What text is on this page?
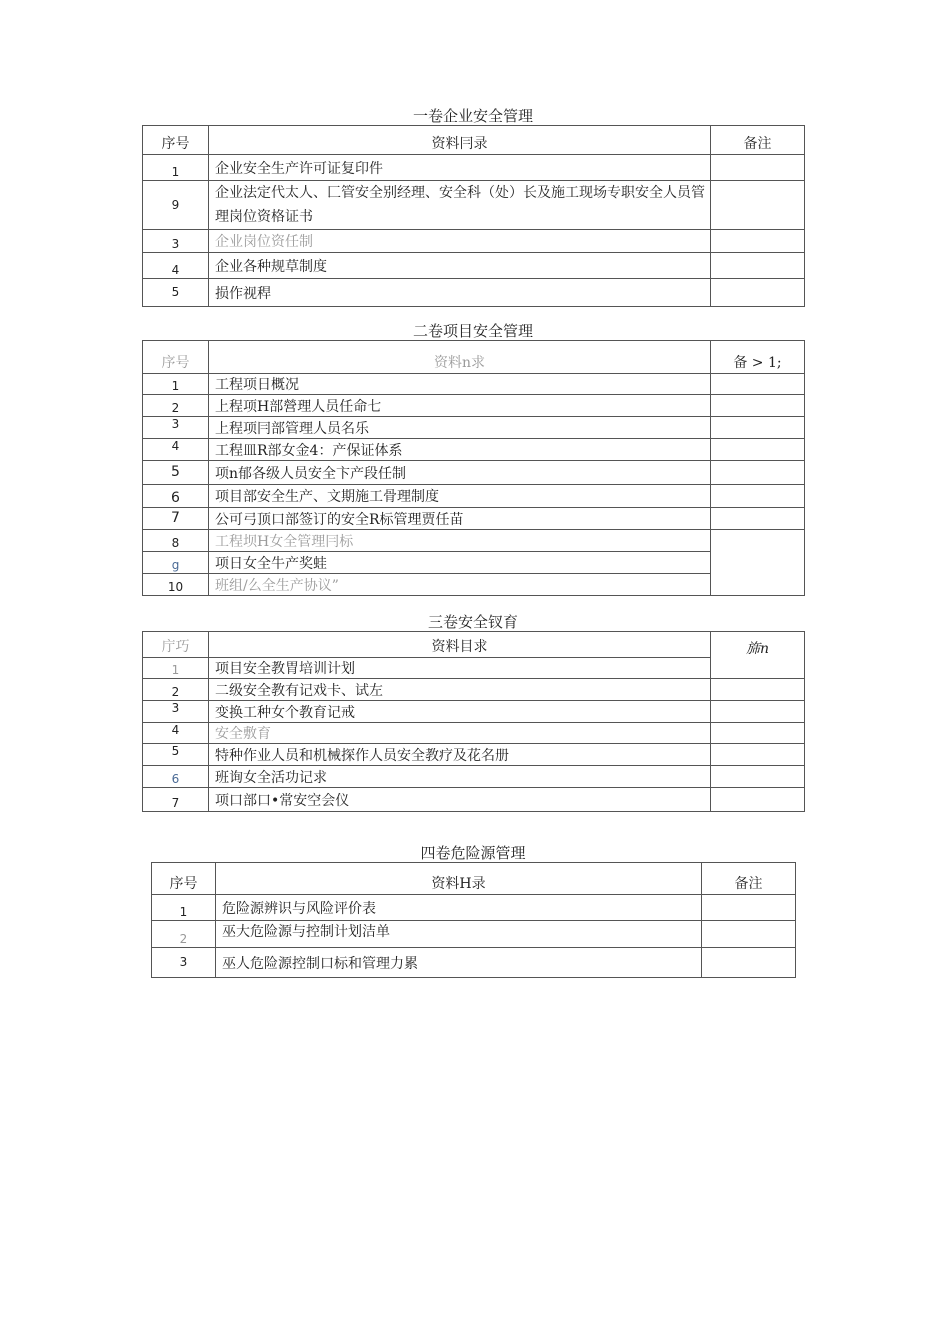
一卷企业安全管理
序号	资料冃录	备注
1	企业安全生产许可证复印件	
9	企业法定代太人、匚管安全别经理、安全科（处）长及施工现场专职安全人员管理岗位资格证书	
3	企业岗位资任制	
4	企业各种规草制度	
5	损作视稈	
二卷项目安全管理
序号	资料n求	备 > 1;
1	工程项日概况	
2	上程项H部營理人员任命七	
3	上程项冃部管理人员名乐	
4	工程皿R部女金4：产保证体系	
5	项n郁各级人员安全卞产段任制	
6	项目部安全生产、文期施工骨理制度	
7	公可弓顶口部签订的安全R标管理贾任苗	
8	工程坝H女全管理冃标	
g	项日女全牛产奖蛙	
10	班组/么全生产协议”	
三卷安全钗育
庁巧	资料目求	旆n
1	项目安全教胃培训计划	
2	二级安全教有记戏卡、试左	
3	变换工种女个教育记戒	
4	安全敷育	
5	特种作业人员和机械探作人员安全教疗及花名册	
6	班询女全活功记求	
7	项口部口•常安空会仪	
四卷危险源管理
序号	资料H录	备注
1	危险源辨识与风险评价表	
2	巫大危险源与控制计划洁单	
3	巫人危险源控制口标和管理力累	
